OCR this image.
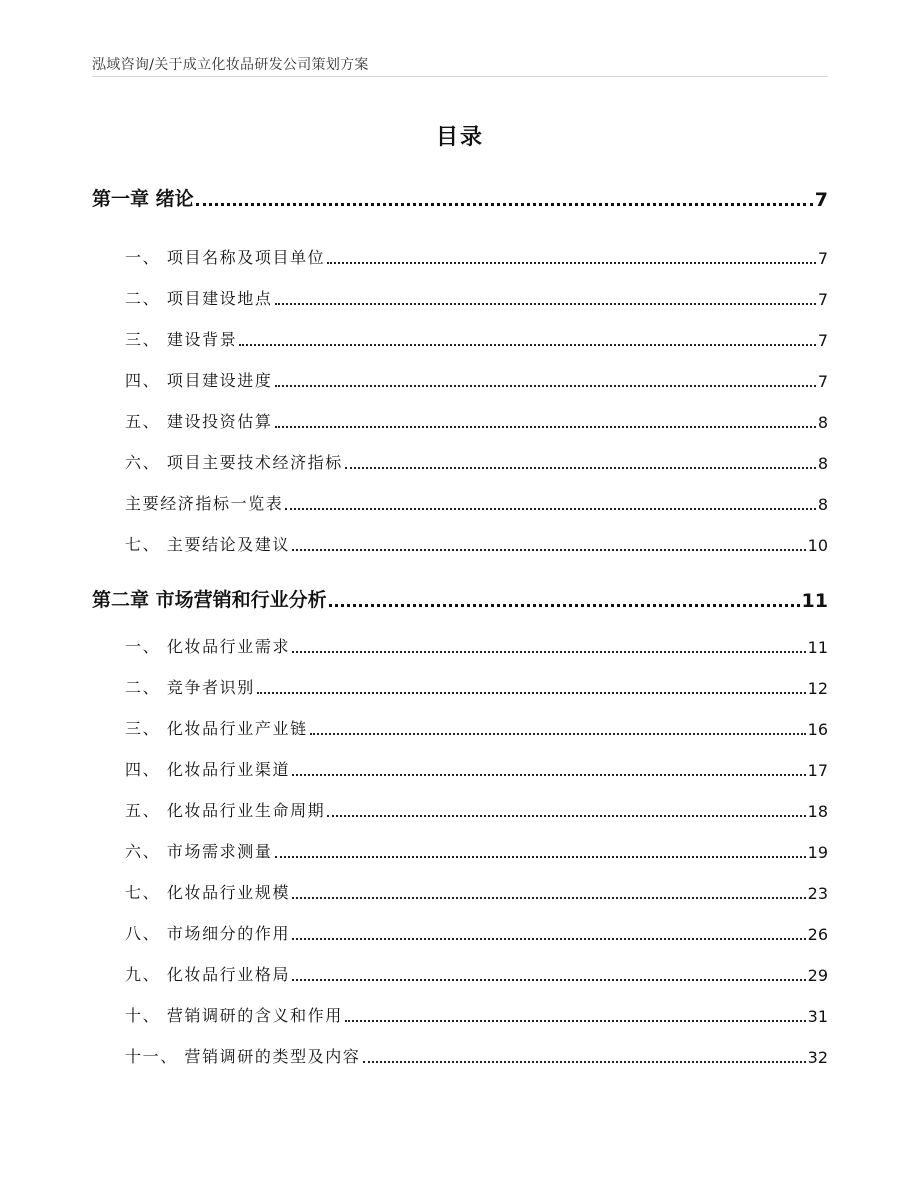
泓域咨询/关于成立化妆品研发公司策划方案
目录
第一章 绪论	7
一、 项目名称及项目单位	7
二、 项目建设地点	7
三、 建设背景	7
四、 项目建设进度	7
五、 建设投资估算	8
六、 项目主要技术经济指标	8
主要经济指标一览表	8
七、 主要结论及建议	10
第二章 市场营销和行业分析	11
一、 化妆品行业需求	11
二、 竞争者识别	12
三、 化妆品行业产业链	16
四、 化妆品行业渠道	17
五、 化妆品行业生命周期	18
六、 市场需求测量	19
七、 化妆品行业规模	23
八、 市场细分的作用	26
九、 化妆品行业格局	29
十、 营销调研的含义和作用	31
十一、 营销调研的类型及内容	32
